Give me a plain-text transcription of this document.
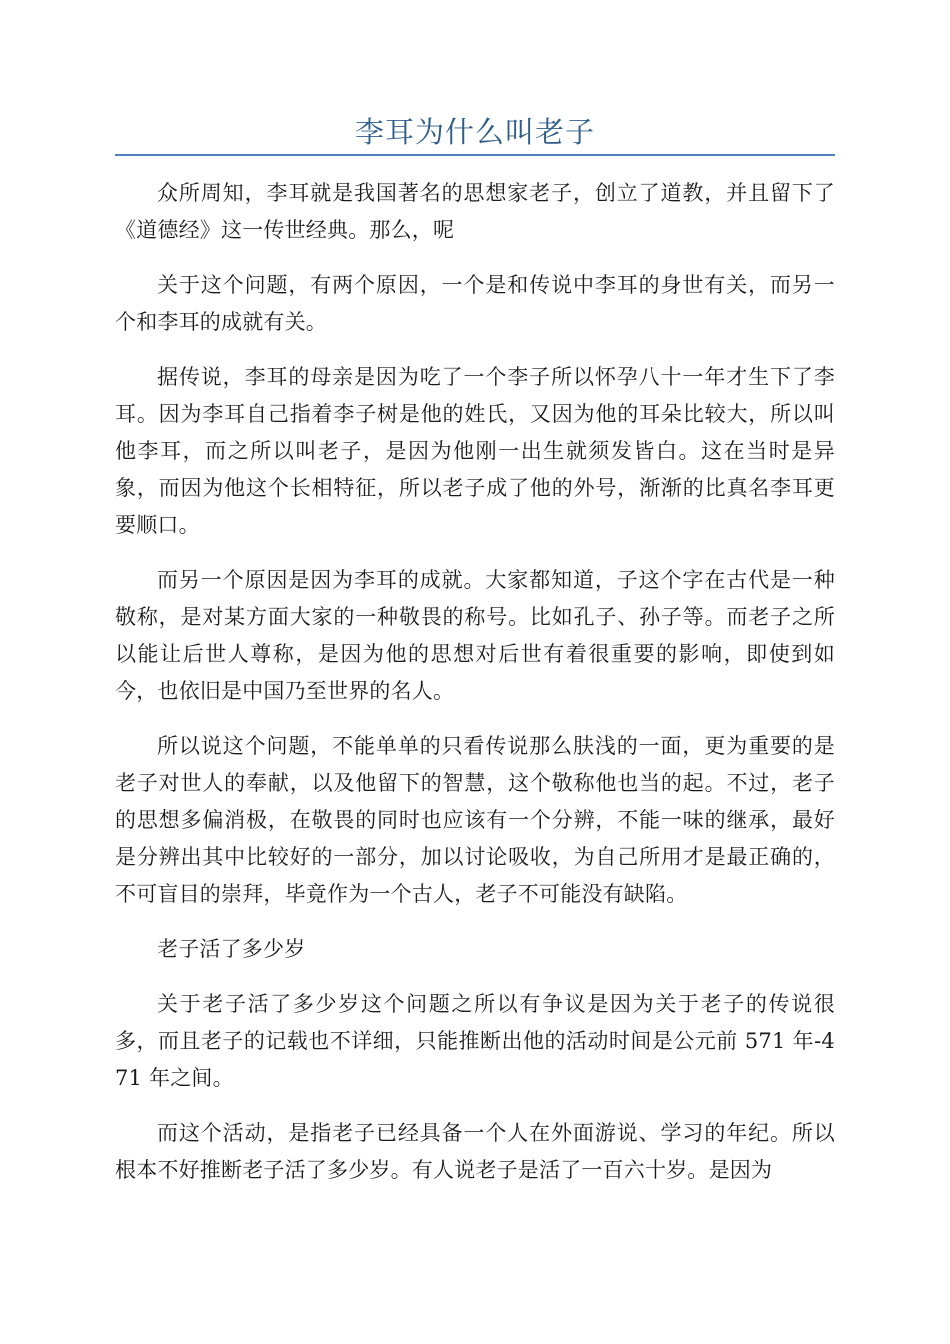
李耳为什么叫老子

众所周知，李耳就是我国著名的思想家老子，创立了道教，并且留下了《道德经》这一传世经典。那么，呢

关于这个问题，有两个原因，一个是和传说中李耳的身世有关，而另一个和李耳的成就有关。

据传说，李耳的母亲是因为吃了一个李子所以怀孕八十一年才生下了李耳。因为李耳自己指着李子树是他的姓氏，又因为他的耳朵比较大，所以叫他李耳，而之所以叫老子，是因为他刚一出生就须发皆白。这在当时是异象，而因为他这个长相特征，所以老子成了他的外号，渐渐的比真名李耳更要顺口。

而另一个原因是因为李耳的成就。大家都知道，子这个字在古代是一种敬称，是对某方面大家的一种敬畏的称号。比如孔子、孙子等。而老子之所以能让后世人尊称，是因为他的思想对后世有着很重要的影响，即使到如今，也依旧是中国乃至世界的名人。

所以说这个问题，不能单单的只看传说那么肤浅的一面，更为重要的是老子对世人的奉献，以及他留下的智慧，这个敬称他也当的起。不过，老子的思想多偏消极，在敬畏的同时也应该有一个分辨，不能一味的继承，最好是分辨出其中比较好的一部分，加以讨论吸收，为自己所用才是最正确的，不可盲目的崇拜，毕竟作为一个古人，老子不可能没有缺陷。

老子活了多少岁

关于老子活了多少岁这个问题之所以有争议是因为关于老子的传说很多，而且老子的记载也不详细，只能推断出他的活动时间是公元前 571 年-471 年之间。

而这个活动，是指老子已经具备一个人在外面游说、学习的年纪。所以根本不好推断老子活了多少岁。有人说老子是活了一百六十岁。是因为
